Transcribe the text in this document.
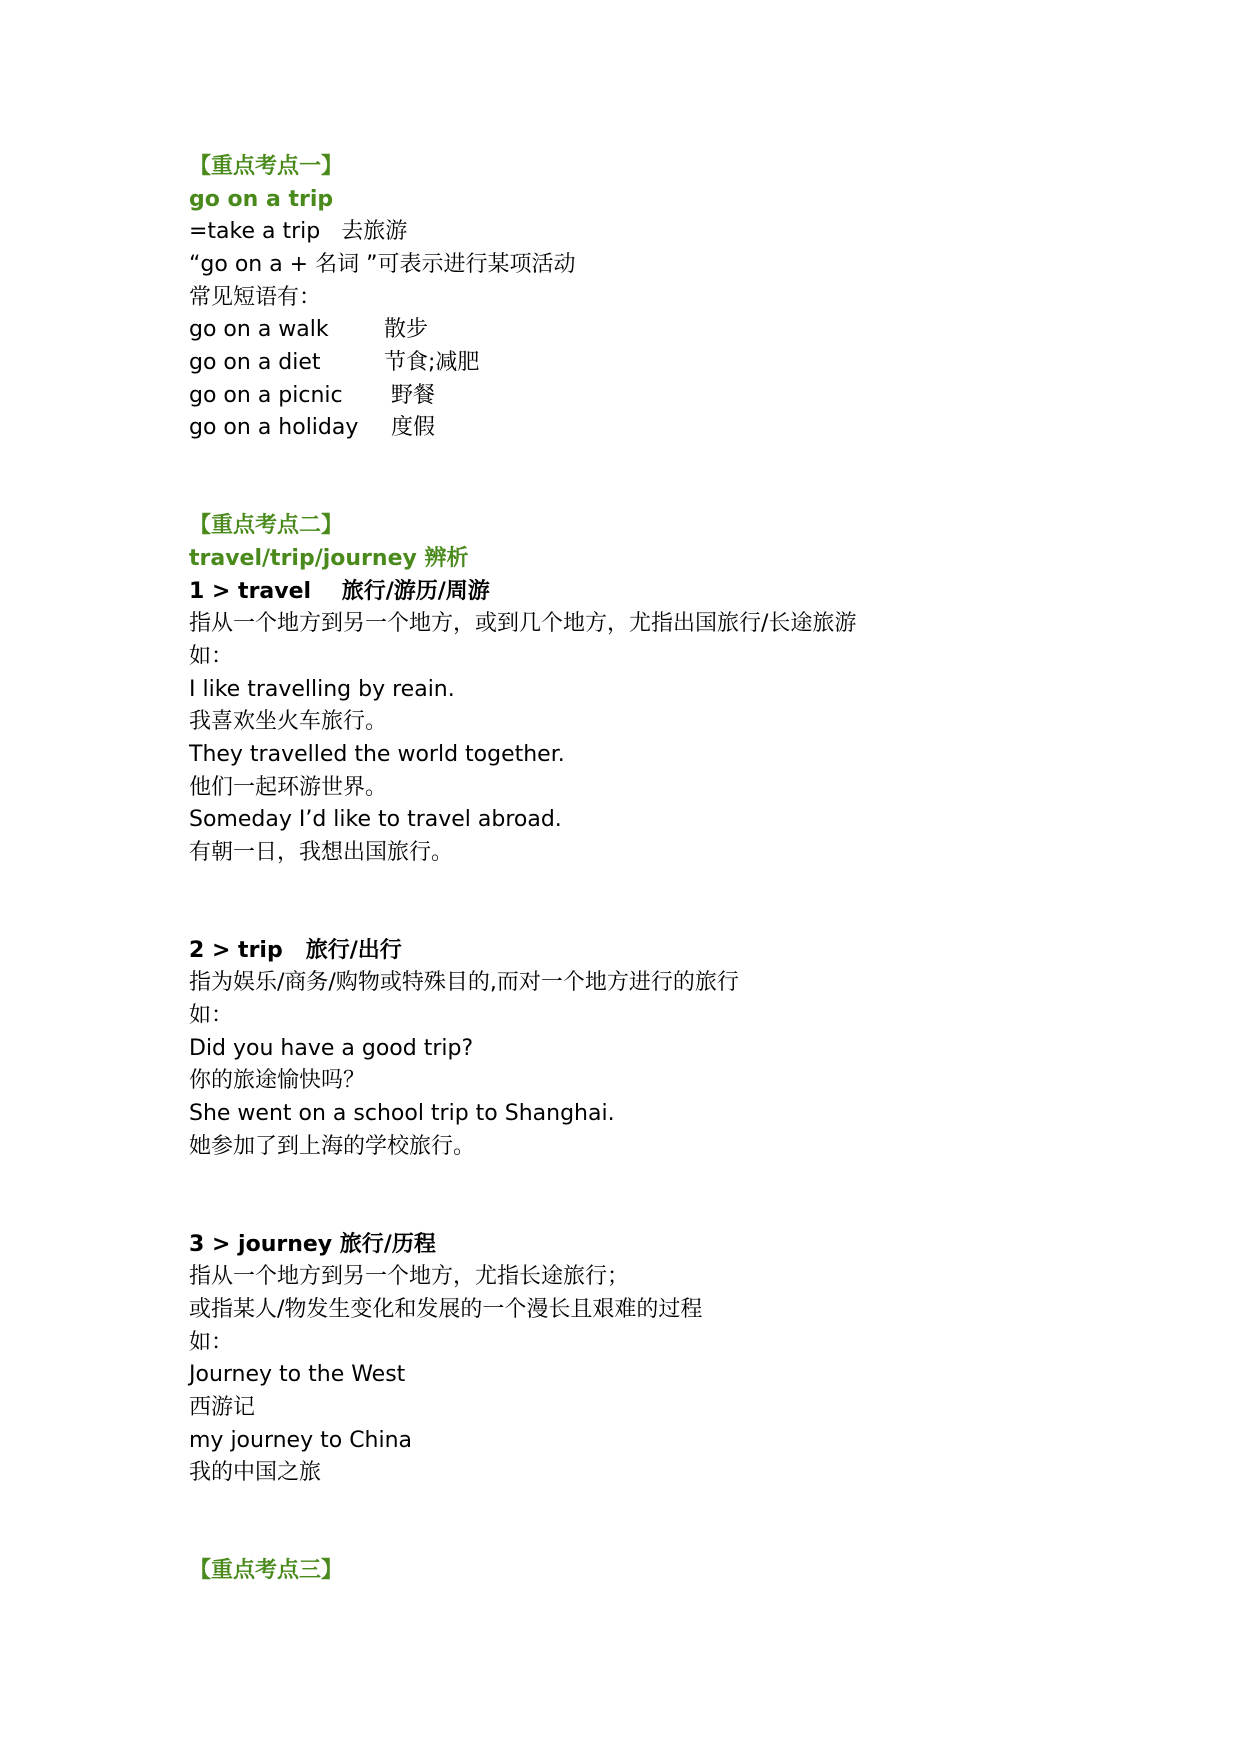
【重点考点一】

go on a trip

=take a trip   去旅游

“go on a + 名词 ”可表示进行某项活动

常见短语有：

go on a walk	散步

go on a diet	节食;减肥

go on a picnic 野餐

go on a holiday 度假

【重点考点二】

travel/trip/journey 辨析

1 > travel    旅行/游历/周游

指从一个地方到另一个地方，或到几个地方，尤指出国旅行/长途旅游

如：

I like travelling by reain.

我喜欢坐火车旅行。

They travelled the world together.

他们一起环游世界。

Someday I’d like to travel abroad.

有朝一日，我想出国旅行。

2 > trip   旅行/出行

指为娱乐/商务/购物或特殊目的,而对一个地方进行的旅行

如：

Did you have a good trip?

你的旅途愉快吗？

She went on a school trip to Shanghai.

她参加了到上海的学校旅行。

3 > journey 旅行/历程

指从一个地方到另一个地方，尤指长途旅行；

或指某人/物发生变化和发展的一个漫长且艰难的过程

如：

Journey to the West

西游记

my journey to China

我的中国之旅

【重点考点三】
